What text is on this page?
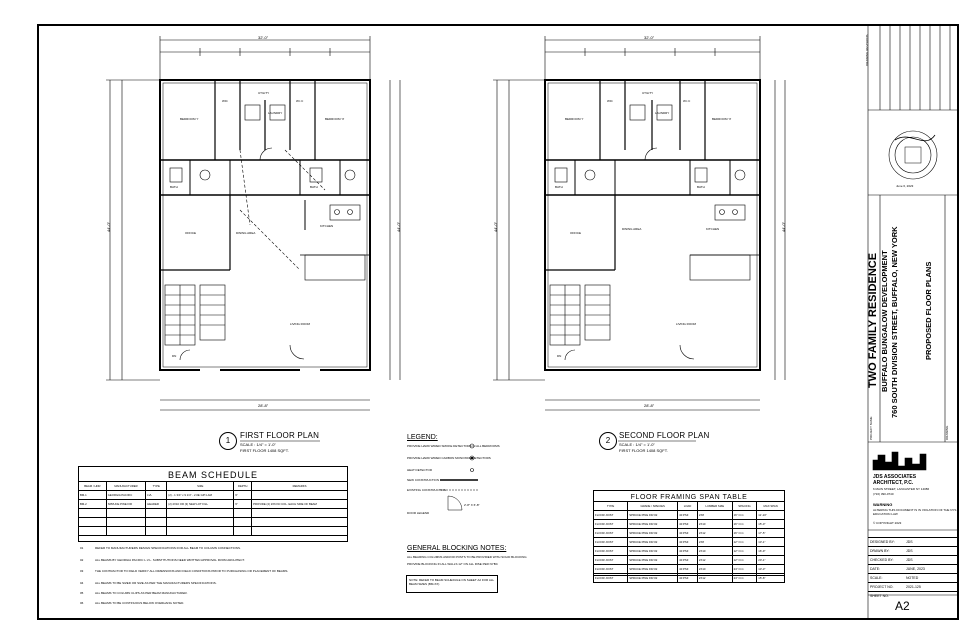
32'-0"
28'-8"
44'-0"	44'-0"
BEDROOM 'I'	BEDROOM 'II'
LAUNDRY
UTILITY
KITCHEN
OFFICE	DINING AREA
LIVING ROOM
WIC
BATH	BATH
W.I.C
DN
1
FIRST FLOOR PLAN
SCALE : 1/4" = 1'-0"
FIRST FLOOR 1408 SQFT.
32'-0"
28'-8"
44'-0"	44'-0"
BEDROOM 'I'	BEDROOM 'II'
LAUNDRY
UTILITY
KITCHEN
OFFICE
DINING AREA
LIVING ROOM
WIC
BATH	BATH
W.I.C
DN
2
SECOND FLOOR PLAN
SCALE : 1/4" = 1'-0"
FIRST FLOOR 1408 SQFT.
BEAM SCHEDULE
BEAM / HDR	MANUFACTURER	TYPE	SIZE	DEPTH	REMARKS
BM-1	GEORGIA PACIFIC	LVL	(2) - 1 3/4" x 9 1/4" - 2.0E GPI LAM	9"	
BM-2	SPRUCE PINE FIR	HEADER	(2) 2X10 OR (3) NEW LOT FILL	9"	PROVIDE (2) 2X6 KD COL. EACH SIDE OF BEAM

01	REFER TO MANUFACTURERS DESIGN SPECIFICATIONS FOR ALL BEAM TO COLUMN CONNECTIONS.
02	ALL BEAMS BY GEORGIA PACIFIC L.V.L. SUBSTITUTIONS NEED WRITTEN APPROVAL FROM ARCHITECT.
03	THE CONTRACTOR TO FIELD VERIFY ALL DIMENSIONS AND FIELD CONDITIONS PRIOR TO PURCHASING OR PLACEMENT OF BEAMS.
04	ALL BEAMS TO BE SIZED OR SIZE AS PER THE MANUFACTURERS SPECIFICATIONS.
05	ALL BEAMS TO COLUMN CLIPS AS PER BEAM MANUFACTURER.
06	ALL BEAMS TO BE CONTINUOUS BELOW OVERHANG NOTED.
LEGEND:
PROVIDE HARD WIRED SMOKE DETECTORS IN ALL BEDROOMS
PROVIDE HARD WIRED CARBON MONOXIDE DETECTORS
HEAT DETECTOR
NEW CONSTRUCTION
EXISTING CONSTRUCTION
DOOR LEGEND
2'-8" X 6'-8"
GENERAL BLOCKING NOTES:
ALL BEARING COLUMNS AND/OR POSTS TO BE PROVIDED WITH SOLID BLOCKING
PROVIDE BLOCKING IN ALL WALLS 12" ON ALL RISE PER NYBC
NOTE: REFER TO BEAM SCHEDULE ON SHEET A2 FOR ALL BEAM SIZES (BM-XX)
FLOOR FRAMING SPAN TABLE
TYPE	GRADE / SPECIES	LOAD	LUMBER SIZE	SPACING	MAX SPAN
FLOOR JOIST	SPRUCE PINE FIR #2	40 PSF	2X8	16" O.C.	11'-10"
FLOOR JOIST	SPRUCE PINE FIR #2	40 PSF	2X10	16" O.C.	15'-0"
FLOOR JOIST	SPRUCE PINE FIR #2	40 PSF	2X12	16" O.C.	17'-5"
FLOOR JOIST	SPRUCE PINE FIR #2	40 PSF	2X8	12" O.C.	13'-1"
FLOOR JOIST	SPRUCE PINE FIR #2	40 PSF	2X10	12" O.C.	16'-9"
FLOOR JOIST	SPRUCE PINE FIR #2	40 PSF	2X12	12" O.C.	20'-1"
FLOOR JOIST	SPRUCE PINE FIR #2	40 PSF	2X10	24" O.C.	13'-3"
FLOOR JOIST	SPRUCE PINE FIR #2	40 PSF	2X12	24" O.C.	15'-8"
DRAWING REVISIONS
June 6, 2023
TWO FAMILY RESIDENCE BUFFALO BUNGALOW DEVELOPMENT 760 SOUTH DIVISION STREET, BUFFALO, NEW YORK	PROPOSED FLOOR PLANS
PROJECT NAME	DRAWING
JDS ASSOCIATES
ARCHITECT, P.C.
6 MAIN STREET, LANCASTER NY 14086
(716) 390-0740
WARNING
ALTERING THIS DOCUMENT IS IN VIOLATION OF THE NYS EDUCATION LAW
© COPYRIGHT 2023
DESIGNED BY:	JDS
DRAWN BY:	JDS
CHECKED BY:	JDS
DATE:	JUNE, 2023
SCALE:	NOTED
PROJECT NO.	2021-125
SHEET NO.
A2
